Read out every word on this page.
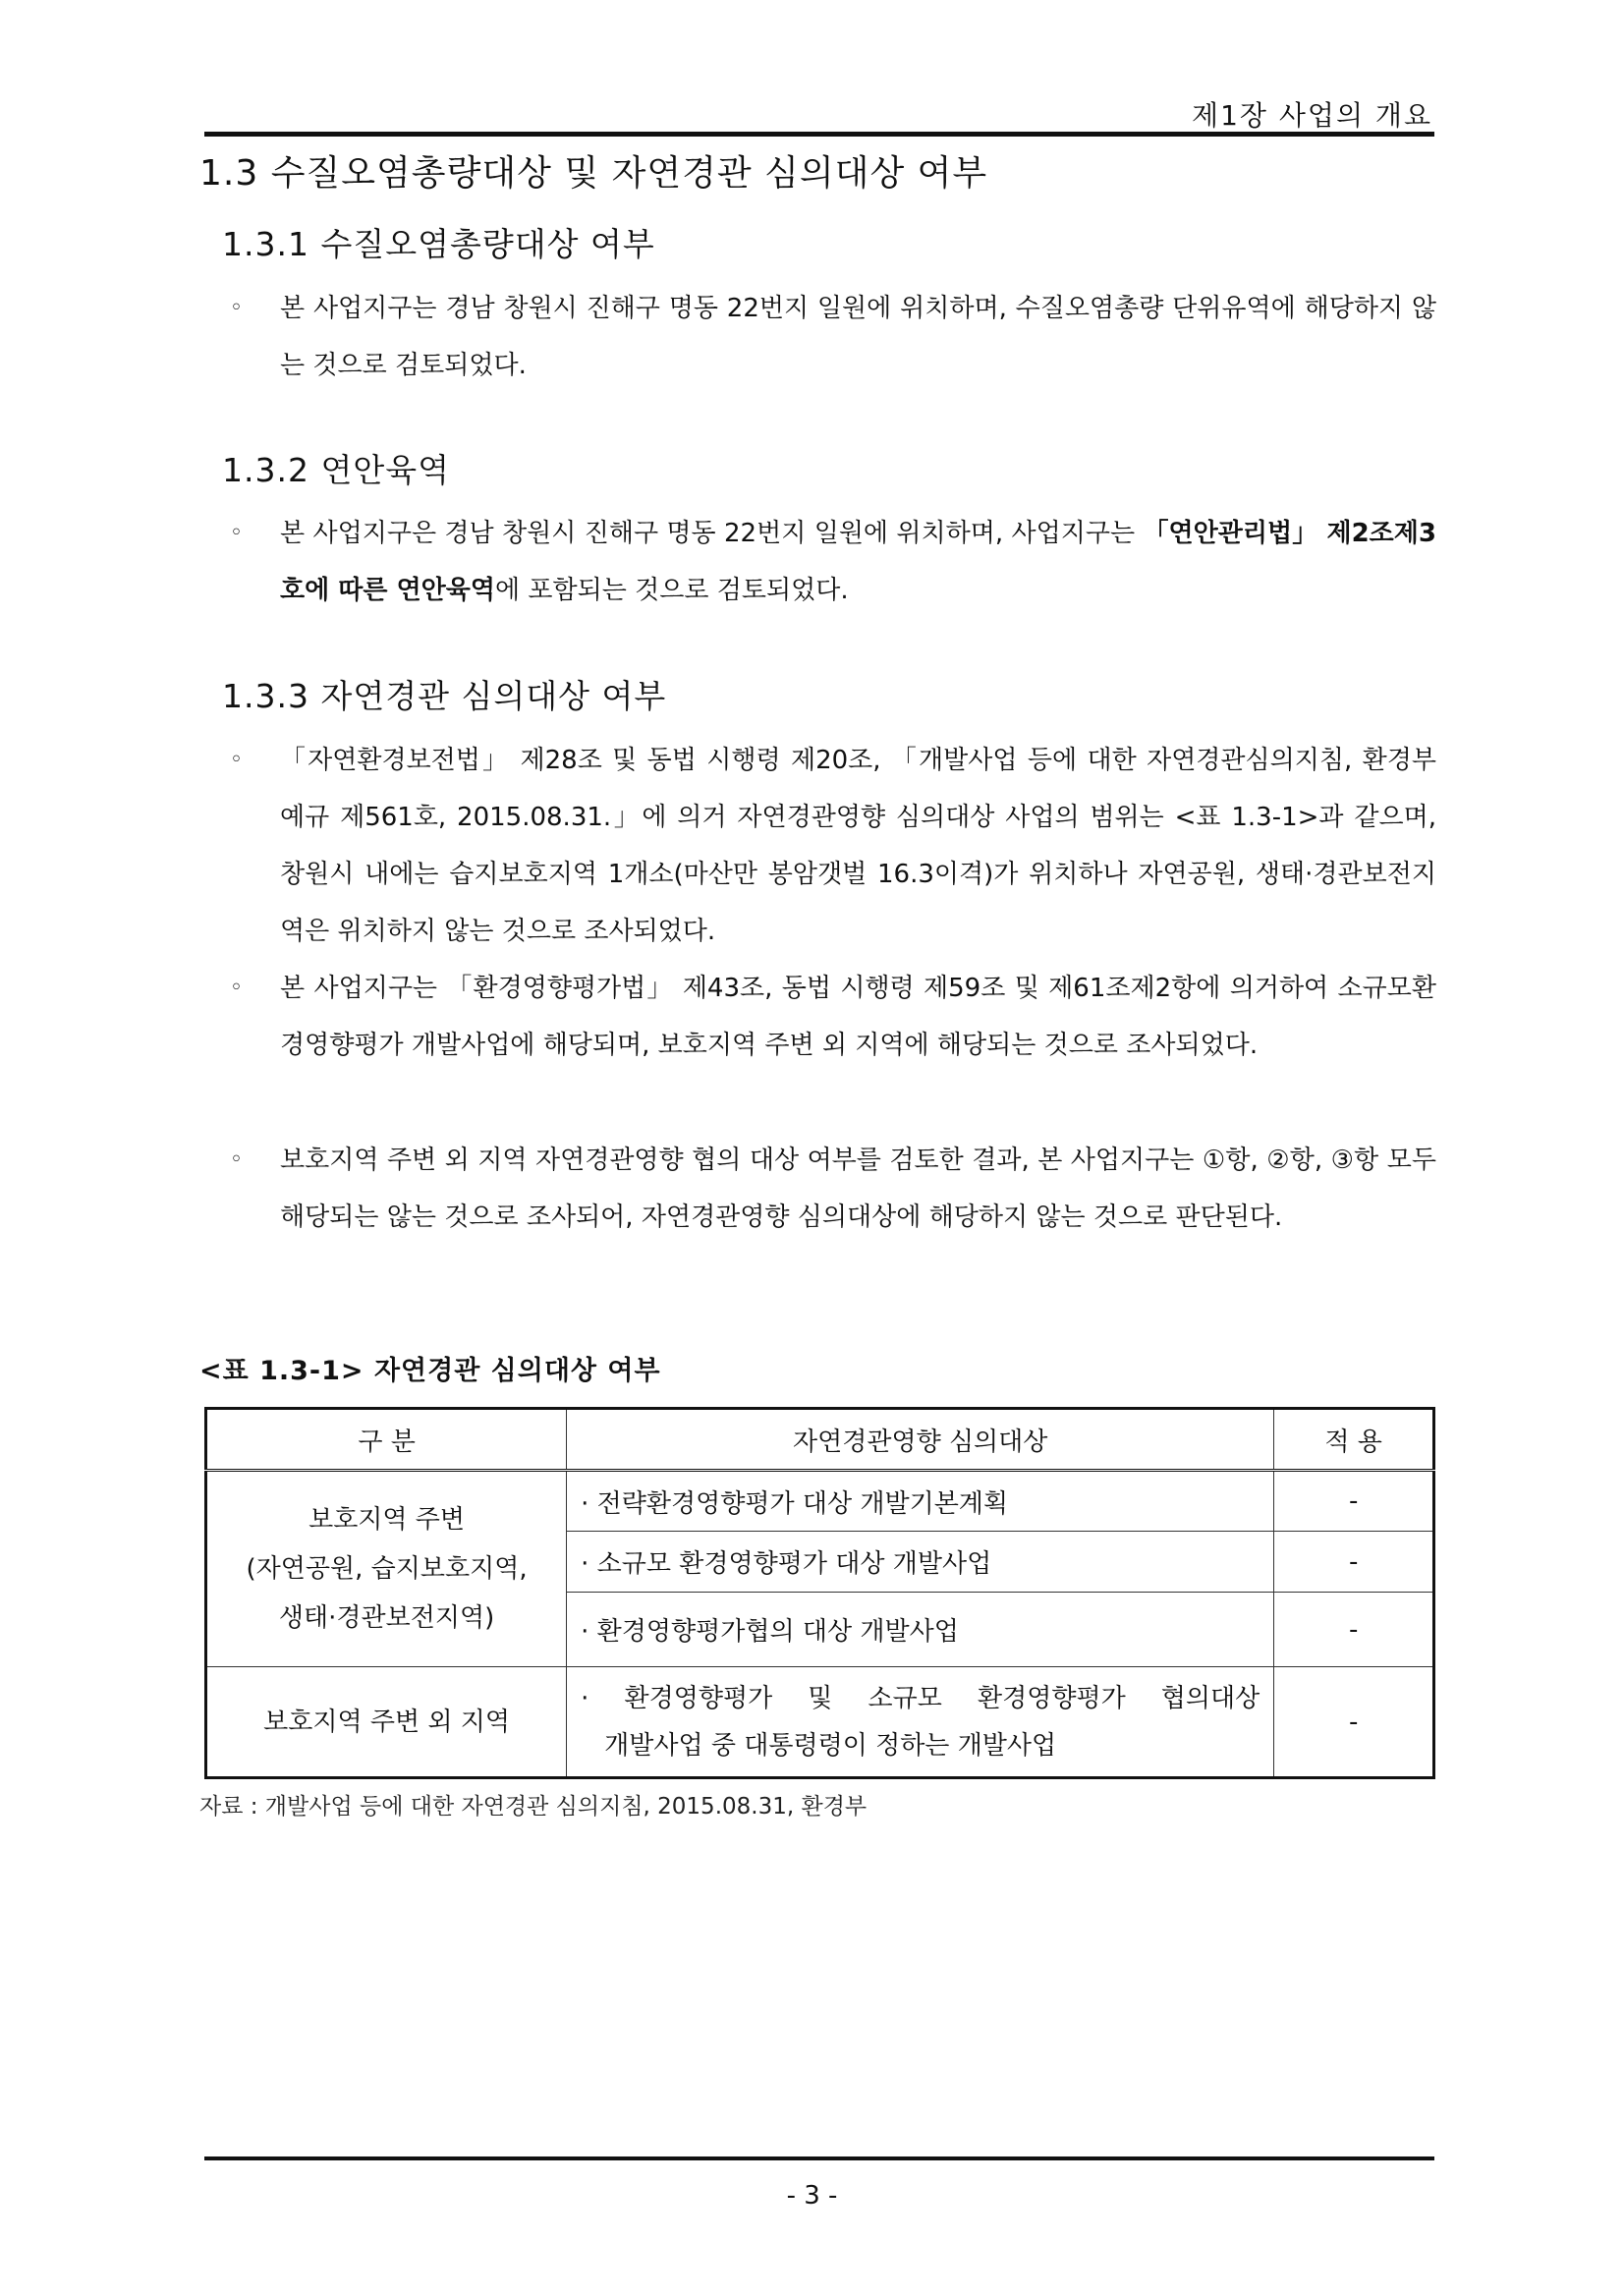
제1장 사업의 개요
1.3 수질오염총량대상 및 자연경관 심의대상 여부
1.3.1 수질오염총량대상 여부
◦ 본 사업지구는 경남 창원시 진해구 명동 22번지 일원에 위치하며, 수질오염총량 단위유역에 해당하지 않는 것으로 검토되었다.
1.3.2 연안육역
◦ 본 사업지구은 경남 창원시 진해구 명동 22번지 일원에 위치하며, 사업지구는 「연안관리법」 제2조제3호에 따른 연안육역에 포함되는 것으로 검토되었다.
1.3.3 자연경관 심의대상 여부
◦ 「자연환경보전법」 제28조 및 동법 시행령 제20조, 「개발사업 등에 대한 자연경관심의지침, 환경부 예규 제561호, 2015.08.31.」에 의거 자연경관영향 심의대상 사업의 범위는 <표 1.3-1>과 같으며, 창원시 내에는 습지보호지역 1개소(마산만 봉암갯벌 16.3이격)가 위치하나 자연공원, 생태·경관보전지역은 위치하지 않는 것으로 조사되었다.
◦ 본 사업지구는 「환경영향평가법」 제43조, 동법 시행령 제59조 및 제61조제2항에 의거하여 소규모환경영향평가 개발사업에 해당되며, 보호지역 주변 외 지역에 해당되는 것으로 조사되었다.
◦ 보호지역 주변 외 지역 자연경관영향 협의 대상 여부를 검토한 결과, 본 사업지구는 ①항, ②항, ③항 모두 해당되는 않는 것으로 조사되어, 자연경관영향 심의대상에 해당하지 않는 것으로 판단된다.
<표 1.3-1> 자연경관 심의대상 여부
구 분	자연경관영향 심의대상	적 용

보호지역 주변
(자연공원, 습지보호지역,
생태·경관보전지역)	· 전략환경영향평가 대상 개발기본계획	-
	· 소규모 환경영향평가 대상 개발사업	-
	· 환경영향평가협의 대상 개발사업	-
보호지역 주변 외 지역	· 환경영향평가 및 소규모 환경영향평가 협의대상
개발사업 중 대통령령이 정하는 개발사업	-
자료 : 개발사업 등에 대한 자연경관 심의지침, 2015.08.31, 환경부
- 3 -
